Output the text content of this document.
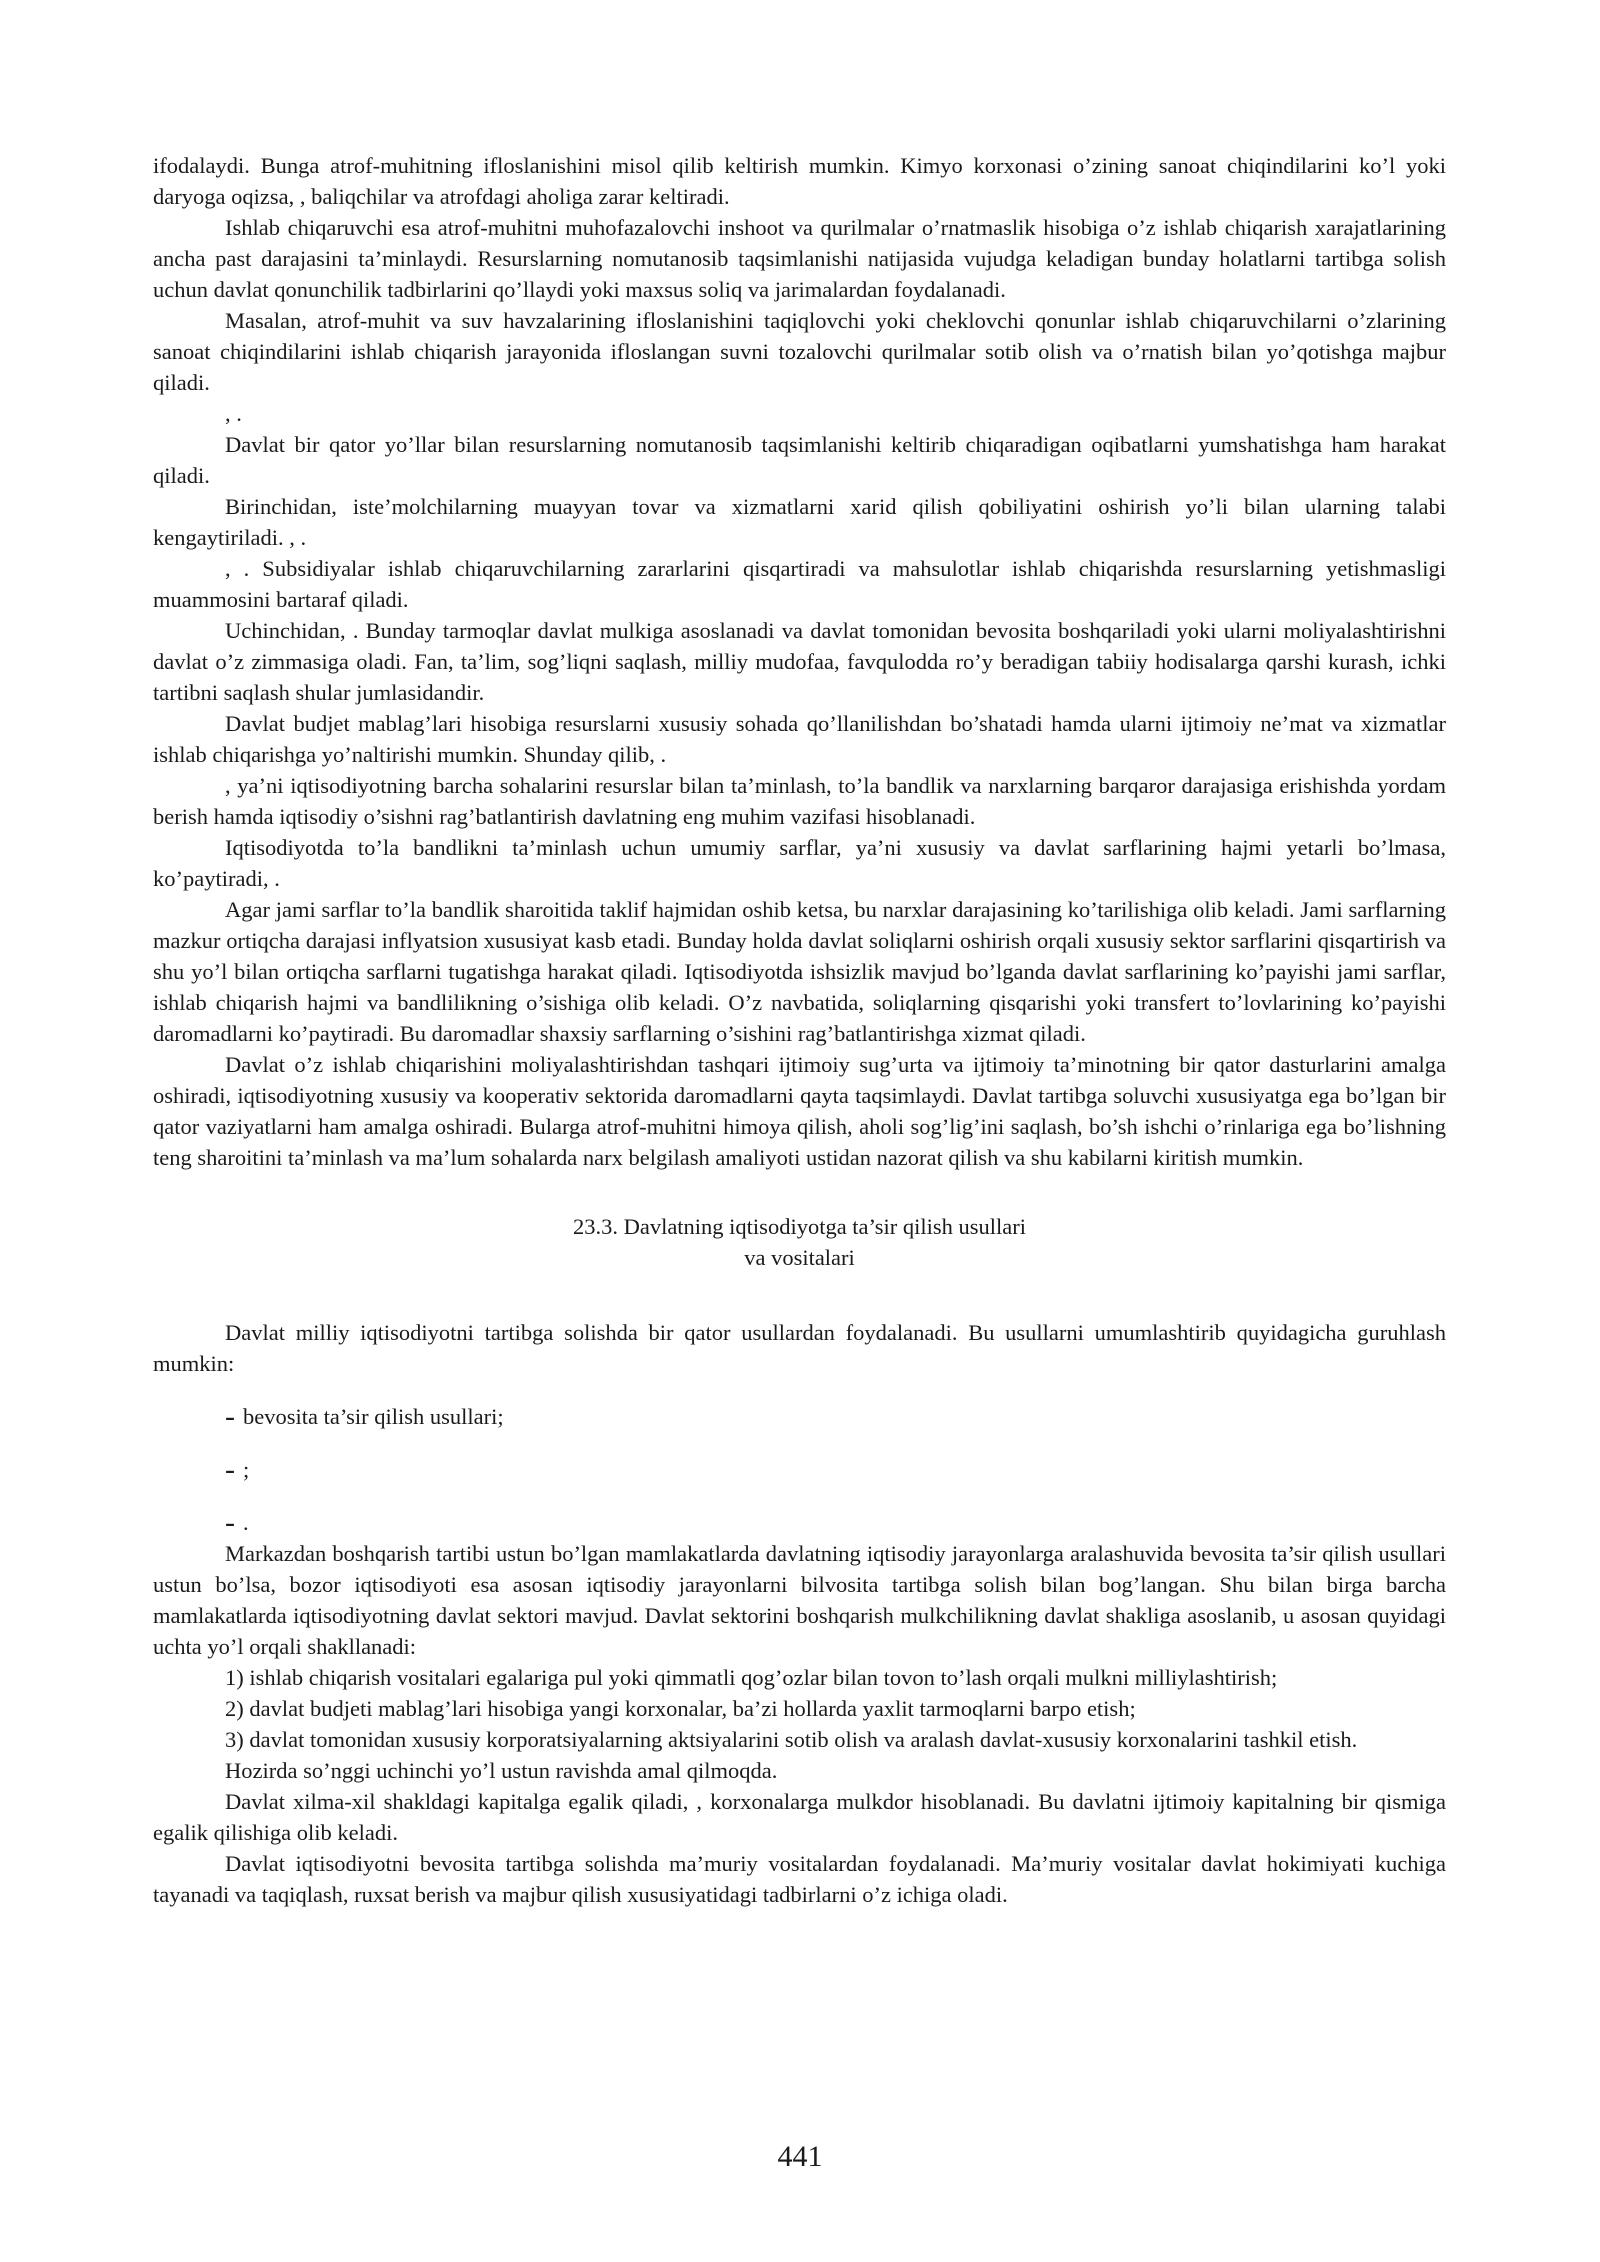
ifodalaydi. Bunga atrof-muhitning ifloslanishini misol qilib keltirish mumkin. Kimyo korxonasi o’zining sanoat chiqindilarini ko’l yoki daryoga oqizsa, , baliqchilar va atrofdagi aholiga zarar keltiradi.

Ishlab chiqaruvchi esa atrof-muhitni muhofazalovchi inshoot va qurilmalar o’rnatmaslik hisobiga o’z ishlab chiqarish xarajatlarining ancha past darajasini ta’minlaydi. Resurslarning nomutanosib taqsimlanishi natijasida vujudga keladigan bunday holatlarni tartibga solish uchun davlat qonunchilik tadbirlarini qo’llaydi yoki maxsus soliq va jarimalardan foydalanadi.

Masalan, atrof-muhit va suv havzalarining ifloslanishini taqiqlovchi yoki cheklovchi qonunlar ishlab chiqaruvchilarni o’zlarining sanoat chiqindilarini ishlab chiqarish jarayonida ifloslangan suvni tozalovchi qurilmalar sotib olish va o’rnatish bilan yo’qotishga majbur qiladi.

, .

Davlat bir qator yo’llar bilan resurslarning nomutanosib taqsimlanishi keltirib chiqaradigan oqibatlarni yumshatishga ham harakat qiladi.

Birinchidan, iste’molchilarning muayyan tovar va xizmatlarni xarid qilish qobiliyatini oshirish yo’li bilan ularning talabi kengaytiriladi. , .

, . Subsidiyalar ishlab chiqaruvchilarning zararlarini qisqartiradi va mahsulotlar ishlab chiqarishda resurslarning yetishmasligi muammosini bartaraf qiladi.

Uchinchidan, . Bunday tarmoqlar davlat mulkiga asoslanadi va davlat tomonidan bevosita boshqariladi yoki ularni moliyalashtirishni davlat o’z zimmasiga oladi. Fan, ta’lim, sog’liqni saqlash, milliy mudofaa, favqulodda ro’y beradigan tabiiy hodisalarga qarshi kurash, ichki tartibni saqlash shular jumlasidandir.

Davlat budjet mablag’lari hisobiga resurslarni xususiy sohada qo’llanilishdan bo’shatadi hamda ularni ijtimoiy ne’mat va xizmatlar ishlab chiqarishga yo’naltirishi mumkin. Shunday qilib, .

, ya’ni iqtisodiyotning barcha sohalarini resurslar bilan ta’minlash, to’la bandlik va narxlarning barqaror darajasiga erishishda yordam berish hamda iqtisodiy o’sishni rag’batlantirish davlatning eng muhim vazifasi hisoblanadi.

Iqtisodiyotda to’la bandlikni ta’minlash uchun umumiy sarflar, ya’ni xususiy va davlat sarflarining hajmi yetarli bo’lmasa, ko’paytiradi, .

Agar jami sarflar to’la bandlik sharoitida taklif hajmidan oshib ketsa, bu narxlar darajasining ko’tarilishiga olib keladi. Jami sarflarning mazkur ortiqcha darajasi inflyatsion xususiyat kasb etadi. Bunday holda davlat soliqlarni oshirish orqali xususiy sektor sarflarini qisqartirish va shu yo’l bilan ortiqcha sarflarni tugatishga harakat qiladi. Iqtisodiyotda ishsizlik mavjud bo’lganda davlat sarflarining ko’payishi jami sarflar, ishlab chiqarish hajmi va bandlilikning o’sishiga olib keladi. O’z navbatida, soliqlarning qisqarishi yoki transfert to’lovlarining ko’payishi daromadlarni ko’paytiradi. Bu daromadlar shaxsiy sarflarning o’sishini rag’batlantirishga xizmat qiladi.

Davlat o’z ishlab chiqarishini moliyalashtirishdan tashqari ijtimoiy sug’urta va ijtimoiy ta’minotning bir qator dasturlarini amalga oshiradi, iqtisodiyotning xususiy va kooperativ sektorida daromadlarni qayta taqsimlaydi. Davlat tartibga soluvchi xususiyatga ega bo’lgan bir qator vaziyatlarni ham amalga oshiradi. Bularga atrof-muhitni himoya qilish, aholi sog’lig’ini saqlash, bo’sh ishchi o’rinlariga ega bo’lishning teng sharoitini ta’minlash va ma’lum sohalarda narx belgilash amaliyoti ustidan nazorat qilish va shu kabilarni kiritish mumkin.

23.3. Davlatning iqtisodiyotga ta’sir qilish usullari
va vositalari

Davlat milliy iqtisodiyotni tartibga solishda bir qator usullardan foydalanadi. Bu usullarni umumlashtirib quyidagicha guruhlash mumkin:

- bevosita ta’sir qilish usullari;

- ;

- .

Markazdan boshqarish tartibi ustun bo’lgan mamlakatlarda davlatning iqtisodiy jarayonlarga aralashuvida bevosita ta’sir qilish usullari ustun bo’lsa, bozor iqtisodiyoti esa asosan iqtisodiy jarayonlarni bilvosita tartibga solish bilan bog’langan. Shu bilan birga barcha mamlakatlarda iqtisodiyotning davlat sektori mavjud. Davlat sektorini boshqarish mulkchilikning davlat shakliga asoslanib, u asosan quyidagi uchta yo’l orqali shakllanadi:

1) ishlab chiqarish vositalari egalariga pul yoki qimmatli qog’ozlar bilan tovon to’lash orqali mulkni milliylashtirish;

2) davlat budjeti mablag’lari hisobiga yangi korxonalar, ba’zi hollarda yaxlit tarmoqlarni barpo etish;

3) davlat tomonidan xususiy korporatsiyalarning aktsiyalarini sotib olish va aralash davlat-xususiy korxonalarini tashkil etish.

Hozirda so’nggi uchinchi yo’l ustun ravishda amal qilmoqda.

Davlat xilma-xil shakldagi kapitalga egalik qiladi, , korxonalarga mulkdor hisoblanadi. Bu davlatni ijtimoiy kapitalning bir qismiga egalik qilishiga olib keladi.

Davlat iqtisodiyotni bevosita tartibga solishda ma’muriy vositalardan foydalanadi. Ma’muriy vositalar davlat hokimiyati kuchiga tayanadi va taqiqlash, ruxsat berish va majbur qilish xususiyatidagi tadbirlarni o’z ichiga oladi.

441
